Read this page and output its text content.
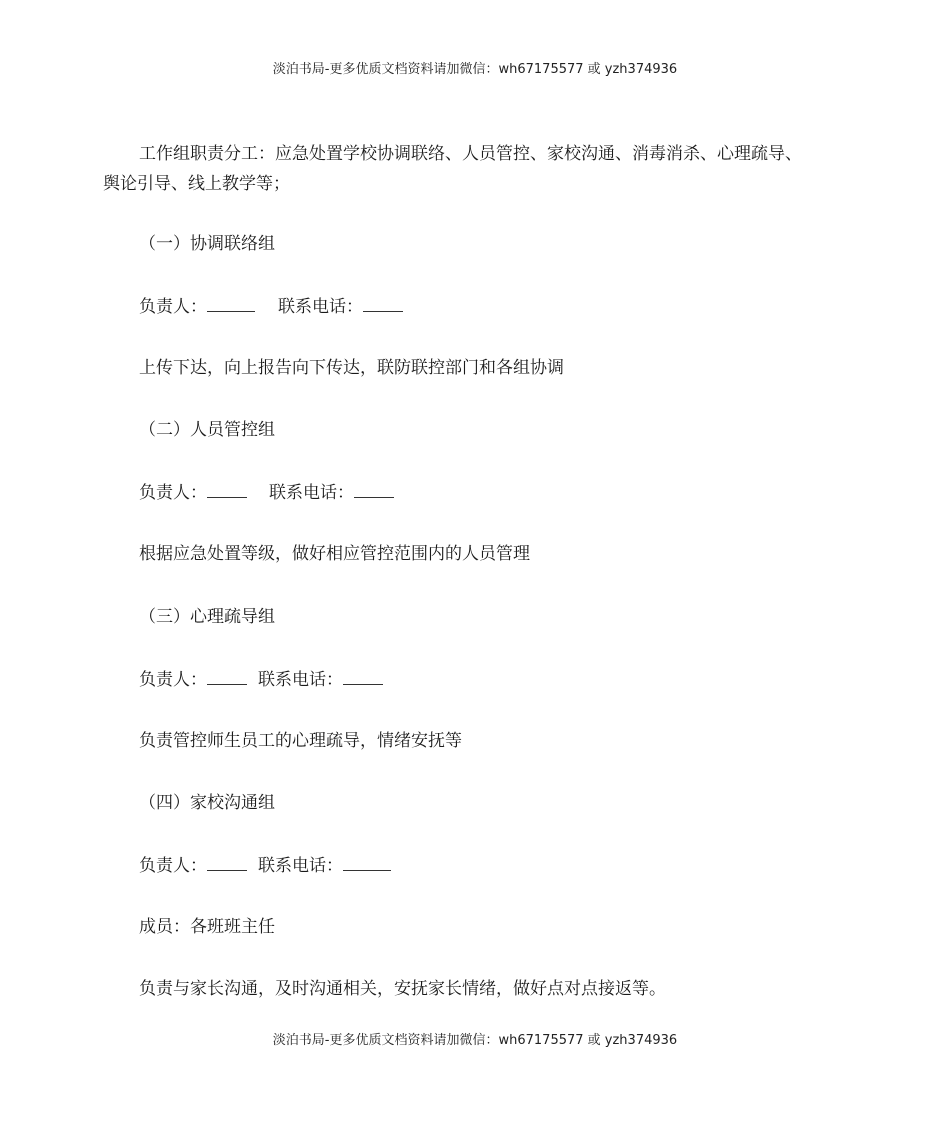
淡泊书局-更多优质文档资料请加微信：wh67175577 或 yzh374936
工作组职责分工：应急处置学校协调联络、人员管控、家校沟通、消毒消杀、心理疏导、
舆论引导、线上教学等；
（一）协调联络组
负责人：	联系电话：
上传下达，向上报告向下传达，联防联控部门和各组协调
（二）人员管控组
负责人：	联系电话：
根据应急处置等级，做好相应管控范围内的人员管理
（三）心理疏导组
负责人：	联系电话：
负责管控师生员工的心理疏导，情绪安抚等
（四）家校沟通组
负责人：	联系电话：
成员：各班班主任
负责与家长沟通，及时沟通相关，安抚家长情绪，做好点对点接返等。
淡泊书局-更多优质文档资料请加微信：wh67175577 或 yzh374936
